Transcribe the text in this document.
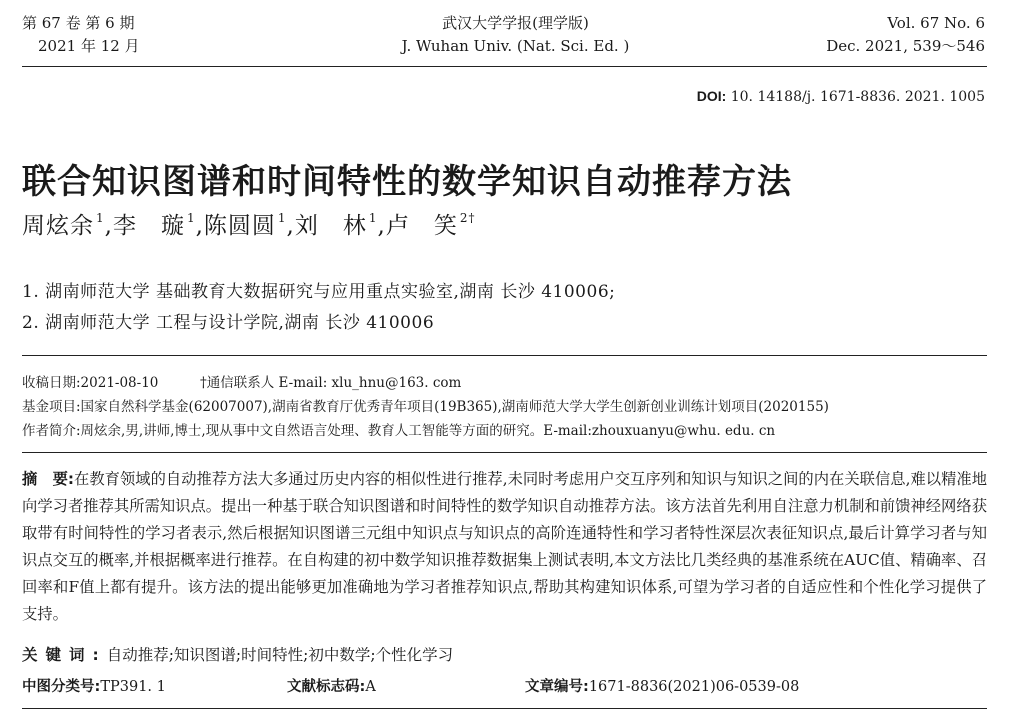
第 67 卷 第 6 期
2021 年 12 月
武汉大学学报(理学版)
J. Wuhan Univ. (Nat. Sci. Ed. )
Vol. 67 No. 6
Dec. 2021, 539～546
DOI: 10. 14188/j. 1671-8836. 2021. 1005
联合知识图谱和时间特性的数学知识自动推荐方法
周炫余 $^1$,李　璇 $^1$,陈圆圆 $^1$,刘　林 $^1$,卢　笑 $^{2\dagger}$
1. 湖南师范大学 基础教育大数据研究与应用重点实验室,湖南 长沙 410006;
2. 湖南师范大学 工程与设计学院,湖南 长沙 410006
收稿日期:2021-08-10	†通信联系人 E-mail: xlu_hnu@163. com
基金项目:国家自然科学基金(62007007),湖南省教育厅优秀青年项目(19B365),湖南师范大学大学生创新创业训练计划项目(2020155)
作者简介:周炫余,男,讲师,博士,现从事中文自然语言处理、教育人工智能等方面的研究。E-mail:zhouxuanyu@whu. edu. cn
摘　要:在教育领域的自动推荐方法大多通过历史内容的相似性进行推荐,未同时考虑用户交互序列和知识与知识之间的内在关联信息,难以精准地向学习者推荐其所需知识点。提出一种基于联合知识图谱和时间特性的数学知识自动推荐方法。该方法首先利用自注意力机制和前馈神经网络获取带有时间特性的学习者表示,然后根据知识图谱三元组中知识点与知识点的高阶连通特性和学习者特性深层次表征知识点,最后计算学习者与知识点交互的概率,并根据概率进行推荐。在自构建的初中数学知识推荐数据集上测试表明,本文方法比几类经典的基准系统在AUC值、精确率、召回率和F值上都有提升。该方法的提出能够更加准确地为学习者推荐知识点,帮助其构建知识体系,可望为学习者的自适应性和个性化学习提供了支持。
关键词:自动推荐;知识图谱;时间特性;初中数学;个性化学习
中图分类号:TP391. 1	文献标志码:A	文章编号:1671-8836(2021)06-0539-08
